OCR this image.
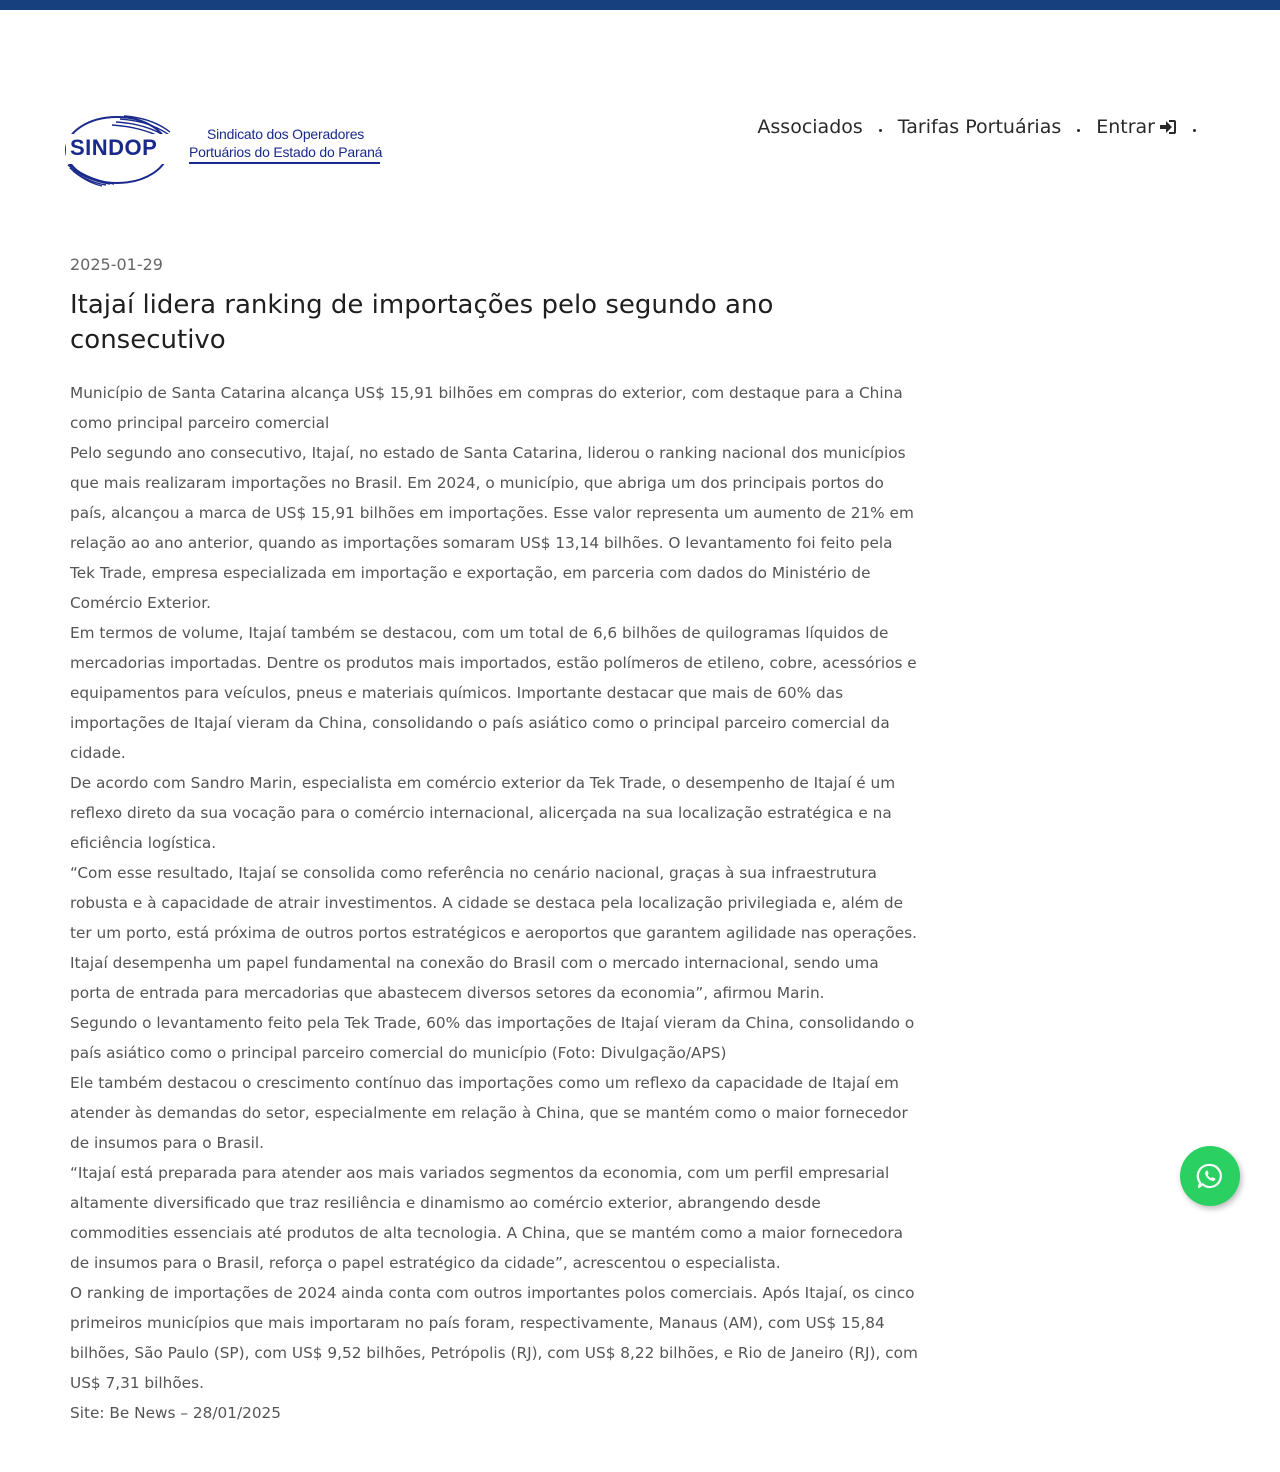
SINDOP
Sindicato dos Operadores
Portuários do Estado do Paraná
Associados Tarifas Portuárias Entrar
2025-01-29
Itajaí lidera ranking de importações pelo segundo ano consecutivo

Município de Santa Catarina alcança US$ 15,91 bilhões em compras do exterior, com destaque para a China como principal parceiro comercial

Pelo segundo ano consecutivo, Itajaí, no estado de Santa Catarina, liderou o ranking nacional dos municípios que mais realizaram importações no Brasil. Em 2024, o município, que abriga um dos principais portos do país, alcançou a marca de US$ 15,91 bilhões em importações. Esse valor representa um aumento de 21% em relação ao ano anterior, quando as importações somaram US$ 13,14 bilhões. O levantamento foi feito pela Tek Trade, empresa especializada em importação e exportação, em parceria com dados do Ministério de Comércio Exterior.

Em termos de volume, Itajaí também se destacou, com um total de 6,6 bilhões de quilogramas líquidos de mercadorias importadas. Dentre os produtos mais importados, estão polímeros de etileno, cobre, acessórios e equipamentos para veículos, pneus e materiais químicos. Importante destacar que mais de 60% das importações de Itajaí vieram da China, consolidando o país asiático como o principal parceiro comercial da cidade.

De acordo com Sandro Marin, especialista em comércio exterior da Tek Trade, o desempenho de Itajaí é um reflexo direto da sua vocação para o comércio internacional, alicerçada na sua localização estratégica e na eficiência logística.

“Com esse resultado, Itajaí se consolida como referência no cenário nacional, graças à sua infraestrutura robusta e à capacidade de atrair investimentos. A cidade se destaca pela localização privilegiada e, além de ter um porto, está próxima de outros portos estratégicos e aeroportos que garantem agilidade nas operações. Itajaí desempenha um papel fundamental na conexão do Brasil com o mercado internacional, sendo uma porta de entrada para mercadorias que abastecem diversos setores da economia”, afirmou Marin.

Segundo o levantamento feito pela Tek Trade, 60% das importações de Itajaí vieram da China, consolidando o país asiático como o principal parceiro comercial do município (Foto: Divulgação/APS)

Ele também destacou o crescimento contínuo das importações como um reflexo da capacidade de Itajaí em atender às demandas do setor, especialmente em relação à China, que se mantém como o maior fornecedor de insumos para o Brasil.

“Itajaí está preparada para atender aos mais variados segmentos da economia, com um perfil empresarial altamente diversificado que traz resiliência e dinamismo ao comércio exterior, abrangendo desde commodities essenciais até produtos de alta tecnologia. A China, que se mantém como a maior fornecedora de insumos para o Brasil, reforça o papel estratégico da cidade”, acrescentou o especialista.

O ranking de importações de 2024 ainda conta com outros importantes polos comerciais. Após Itajaí, os cinco primeiros municípios que mais importaram no país foram, respectivamente, Manaus (AM), com US$ 15,84 bilhões, São Paulo (SP), com US$ 9,52 bilhões, Petrópolis (RJ), com US$ 8,22 bilhões, e Rio de Janeiro (RJ), com US$ 7,31 bilhões.

Site: Be News – 28/01/2025
